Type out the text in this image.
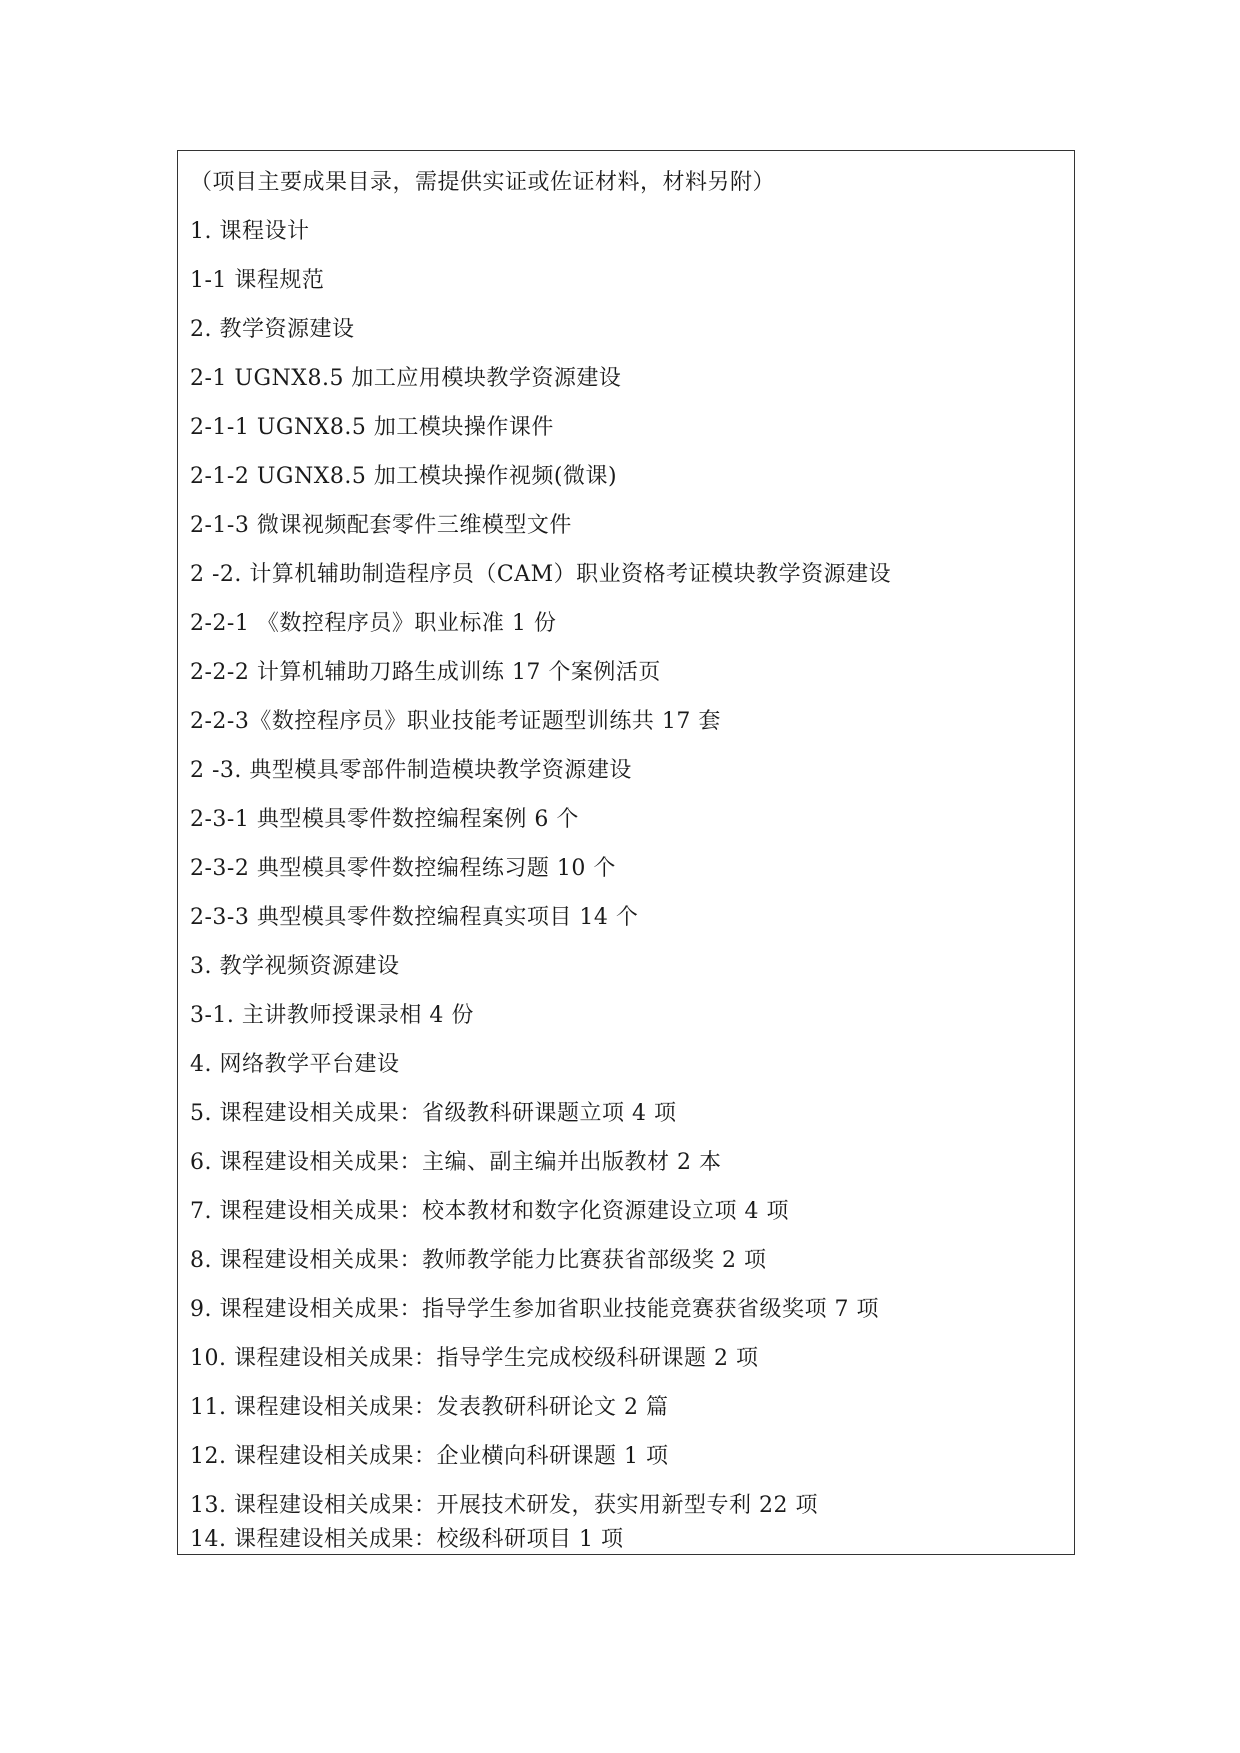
（项目主要成果目录，需提供实证或佐证材料，材料另附）
1. 课程设计
1-1 课程规范
2. 教学资源建设
2-1 UGNX8.5 加工应用模块教学资源建设
2-1-1 UGNX8.5 加工模块操作课件
2-1-2 UGNX8.5 加工模块操作视频(微课)
2-1-3 微课视频配套零件三维模型文件
2 -2. 计算机辅助制造程序员（CAM）职业资格考证模块教学资源建设
2-2-1 《数控程序员》职业标准 1 份
2-2-2 计算机辅助刀路生成训练 17 个案例活页
2-2-3《数控程序员》职业技能考证题型训练共 17 套
2 -3. 典型模具零部件制造模块教学资源建设
2-3-1 典型模具零件数控编程案例 6 个
2-3-2 典型模具零件数控编程练习题 10 个
2-3-3 典型模具零件数控编程真实项目 14 个
3. 教学视频资源建设
3-1. 主讲教师授课录相 4 份
4. 网络教学平台建设
5. 课程建设相关成果：省级教科研课题立项 4 项
6. 课程建设相关成果：主编、副主编并出版教材 2 本
7. 课程建设相关成果：校本教材和数字化资源建设立项 4 项
8. 课程建设相关成果：教师教学能力比赛获省部级奖 2 项
9. 课程建设相关成果：指导学生参加省职业技能竞赛获省级奖项 7 项
10. 课程建设相关成果：指导学生完成校级科研课题 2 项
11. 课程建设相关成果：发表教研科研论文 2 篇
12. 课程建设相关成果：企业横向科研课题 1 项
13. 课程建设相关成果：开展技术研发，获实用新型专利 22 项
14. 课程建设相关成果：校级科研项目 1 项
